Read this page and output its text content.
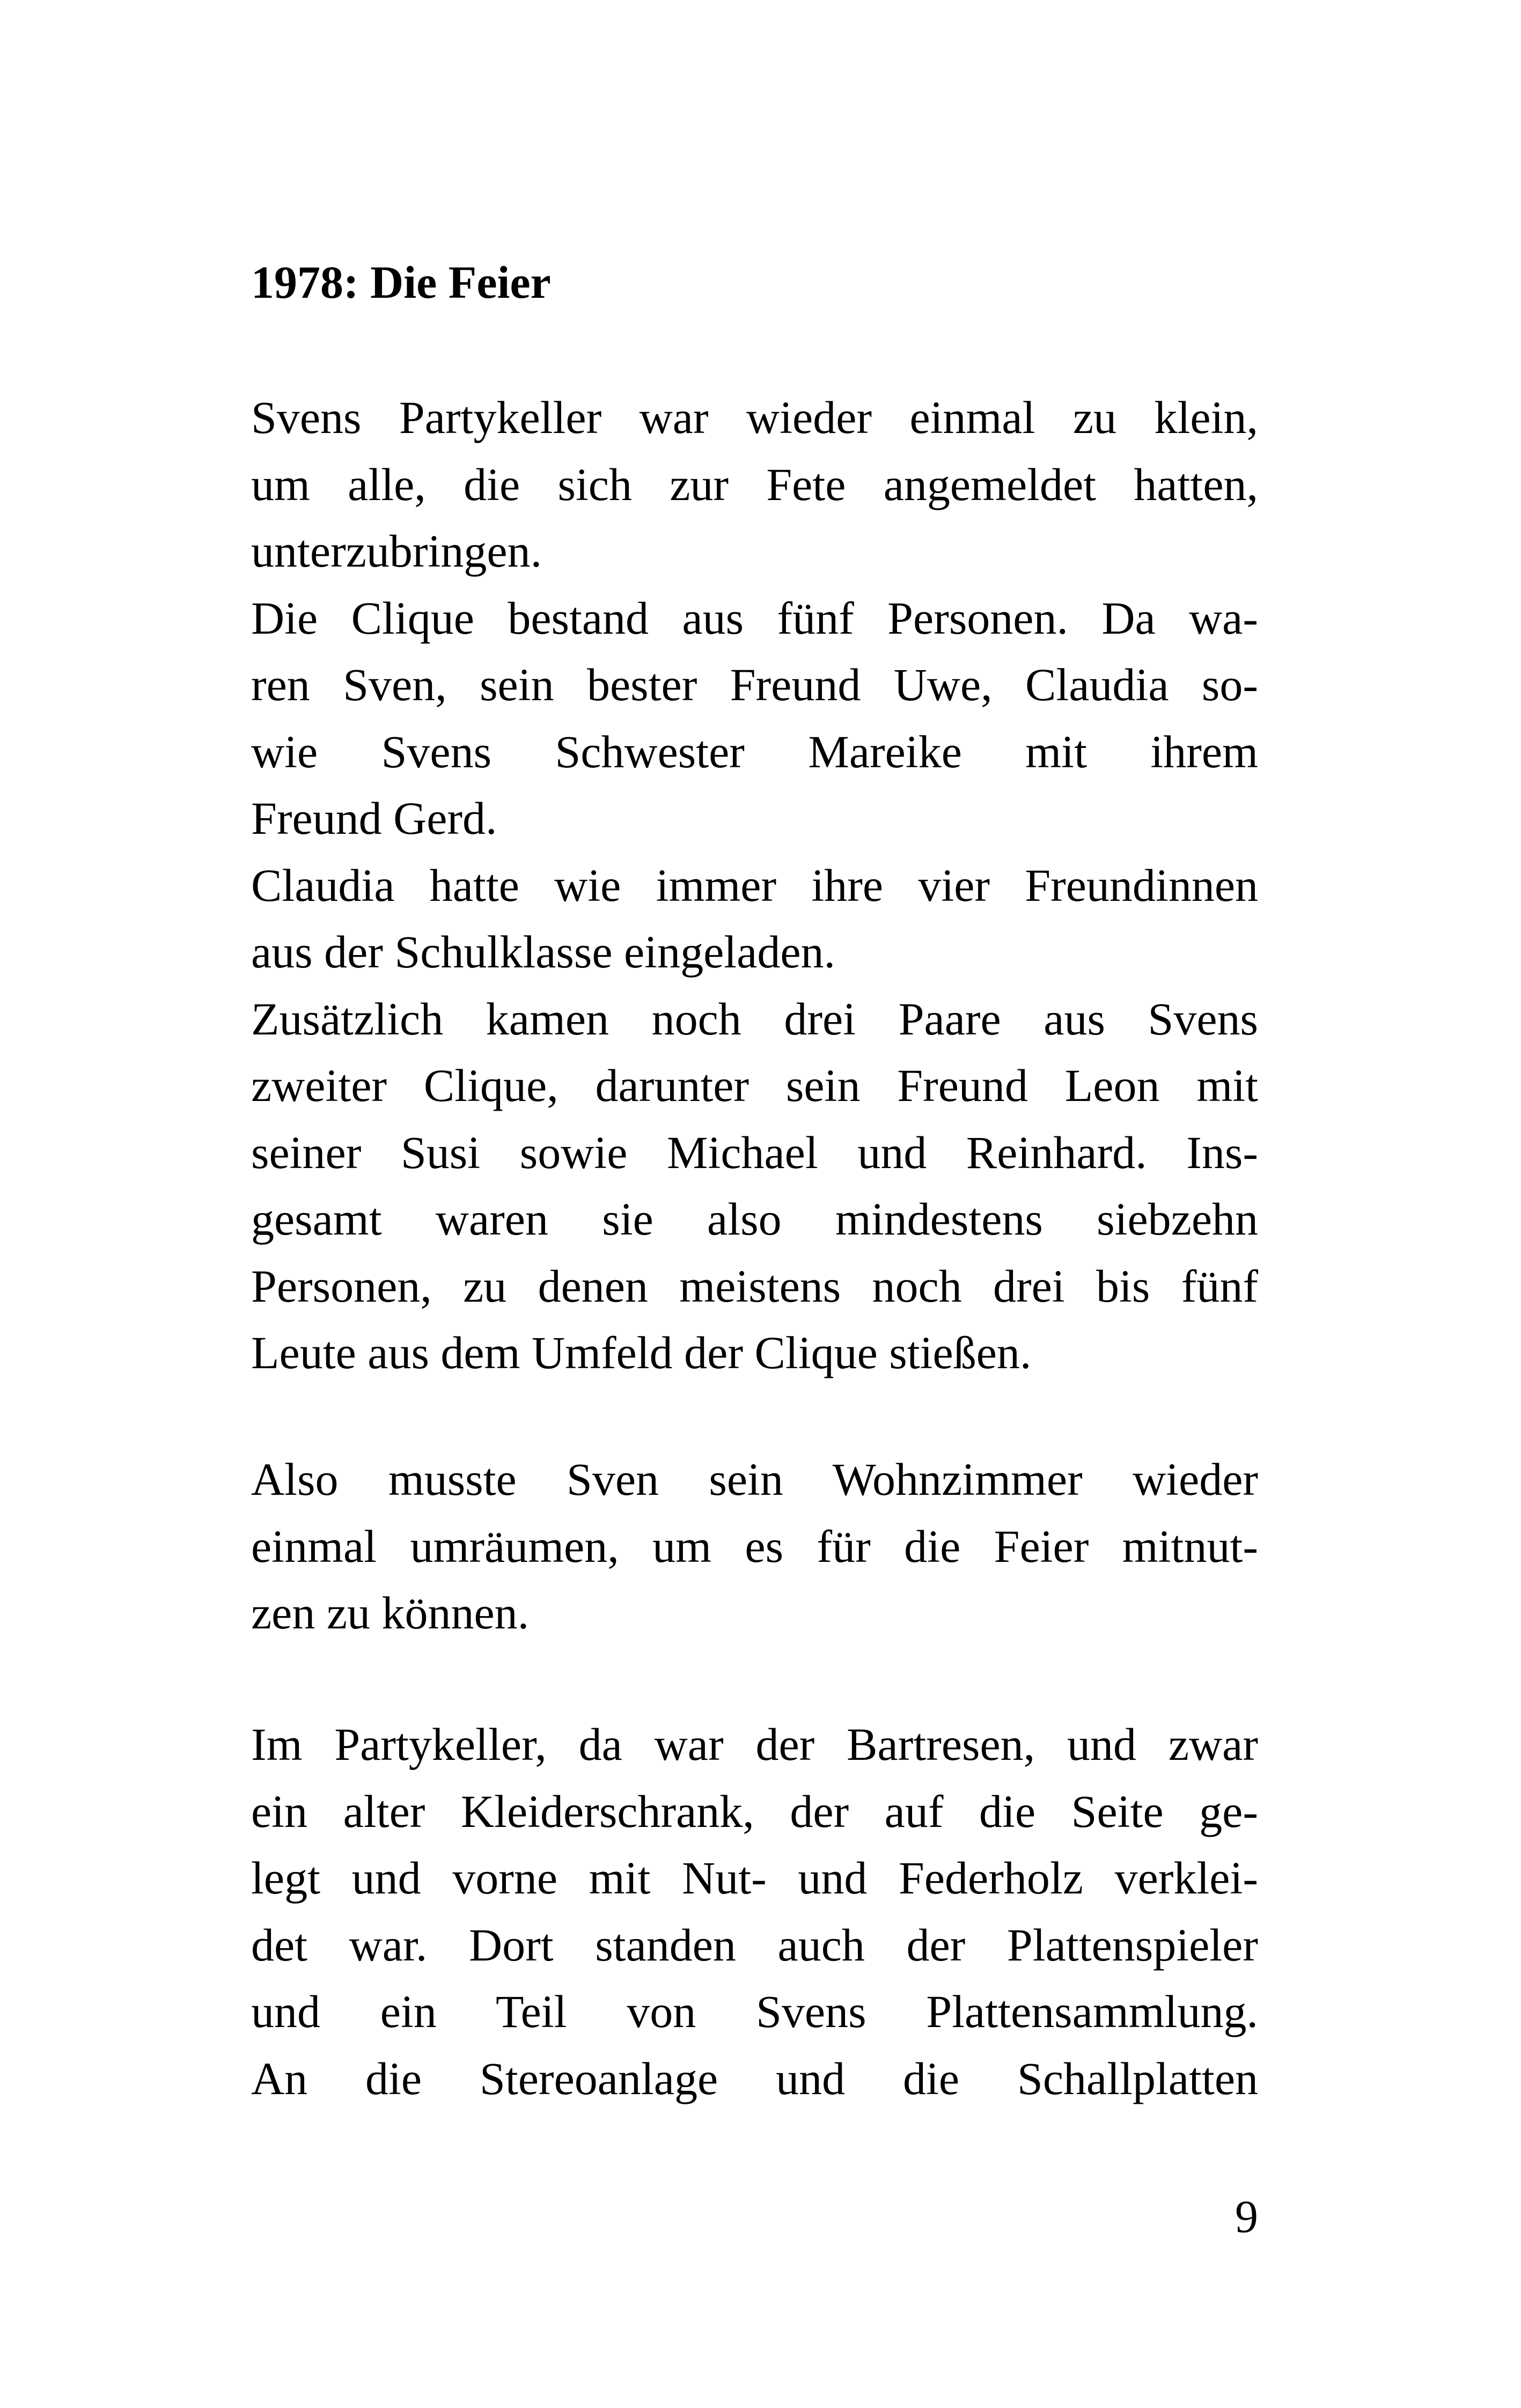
1978: Die Feier
Svens Partykeller war wieder einmal zu klein,
um alle, die sich zur Fete angemeldet hatten,
unterzubringen.
Die Clique bestand aus fünf Personen. Da wa-
ren Sven, sein bester Freund Uwe, Claudia so-
wie Svens Schwester Mareike mit ihrem
Freund Gerd.
Claudia hatte wie immer ihre vier Freundinnen
aus der Schulklasse eingeladen.
Zusätzlich kamen noch drei Paare aus Svens
zweiter Clique, darunter sein Freund Leon mit
seiner Susi sowie Michael und Reinhard. Ins-
gesamt waren sie also mindestens siebzehn
Personen, zu denen meistens noch drei bis fünf
Leute aus dem Umfeld der Clique stießen.
Also musste Sven sein Wohnzimmer wieder
einmal umräumen, um es für die Feier mitnut-
zen zu können.
Im Partykeller, da war der Bartresen, und zwar
ein alter Kleiderschrank, der auf die Seite ge-
legt und vorne mit Nut- und Federholz verklei-
det war. Dort standen auch der Plattenspieler
und ein Teil von Svens Plattensammlung.
An die Stereoanlage und die Schallplatten
9
